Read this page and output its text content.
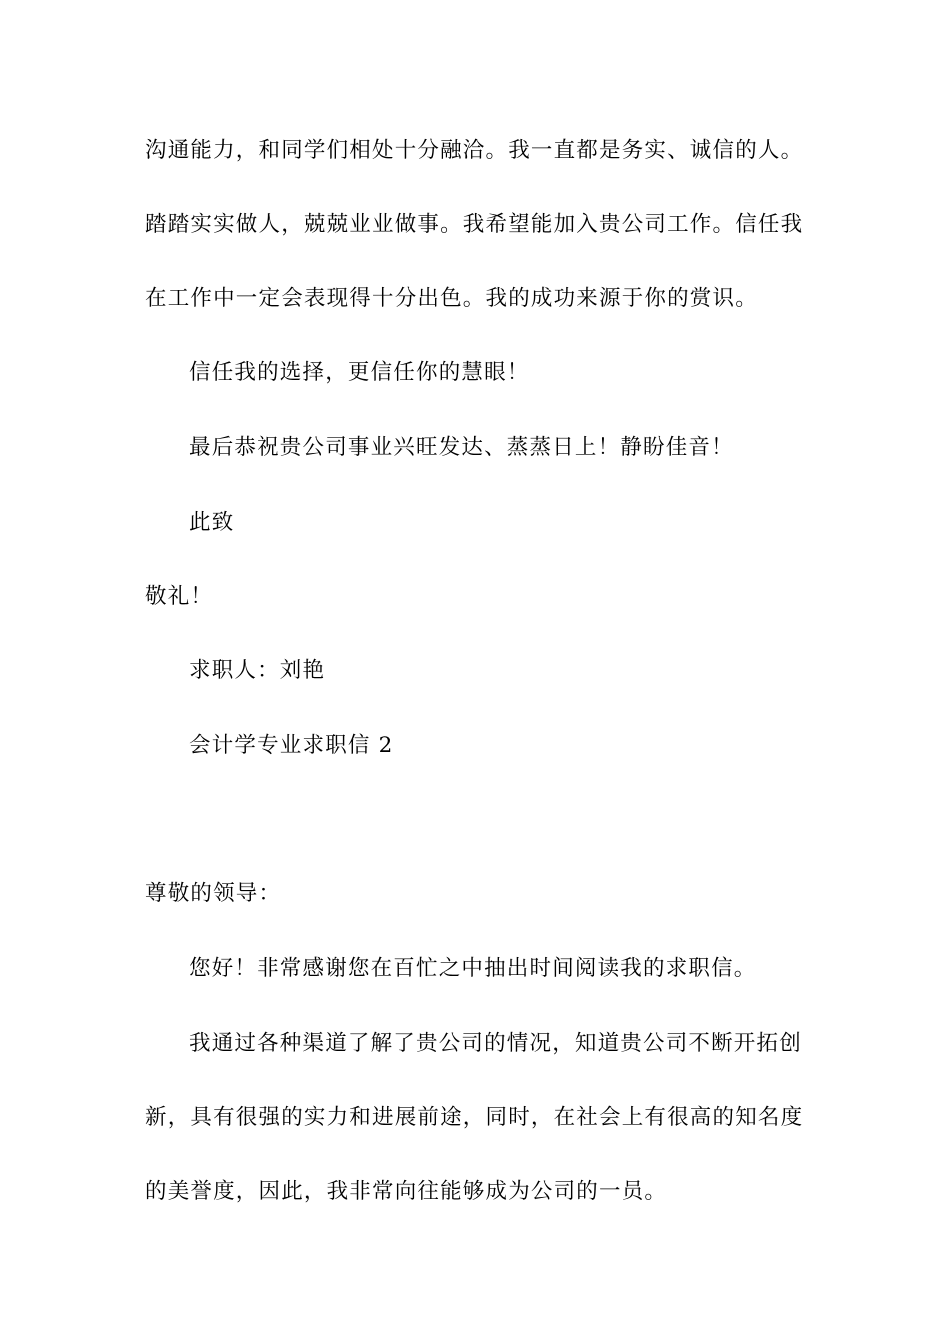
沟通能力，和同学们相处十分融洽。我一直都是务实、诚信的人。
踏踏实实做人，兢兢业业做事。我希望能加入贵公司工作。信任我
在工作中一定会表现得十分出色。我的成功来源于你的赏识。
信任我的选择，更信任你的慧眼！
最后恭祝贵公司事业兴旺发达、蒸蒸日上！静盼佳音！
此致
敬礼！
求职人：刘艳
会计学专业求职信 2
尊敬的领导：
您好！非常感谢您在百忙之中抽出时间阅读我的求职信。
我通过各种渠道了解了贵公司的情况，知道贵公司不断开拓创
新，具有很强的实力和进展前途，同时，在社会上有很高的知名度
的美誉度，因此，我非常向往能够成为公司的一员。
